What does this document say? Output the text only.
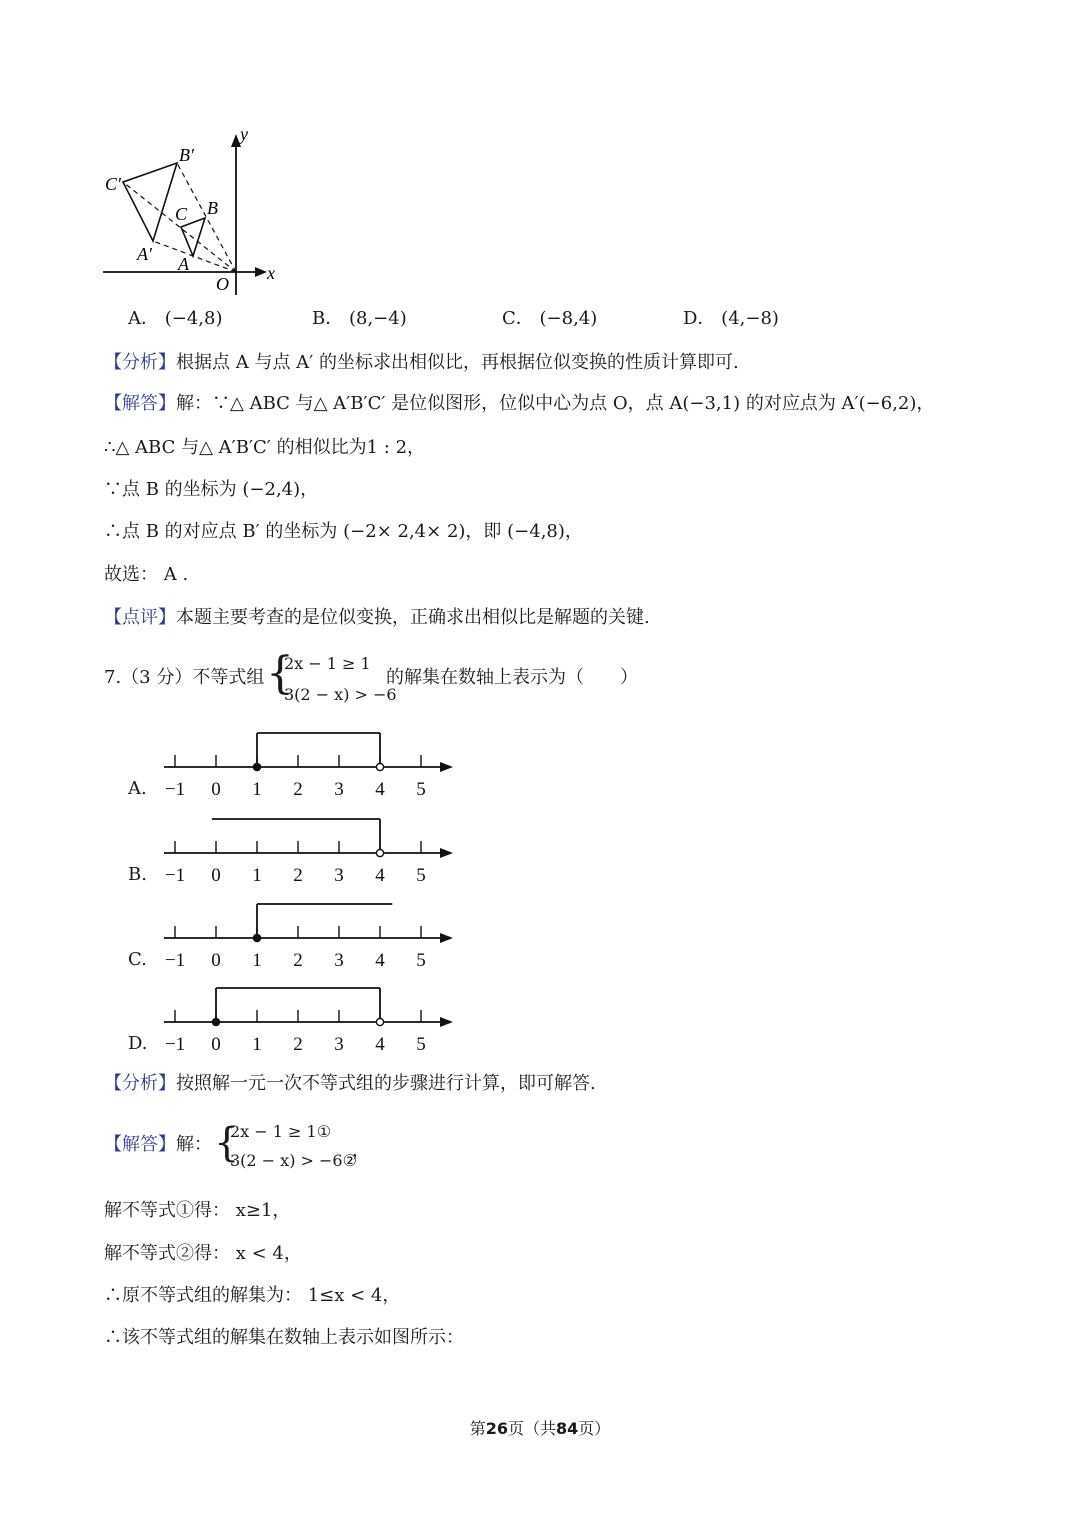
B′
C′
A′
B
C
A
O
x
y
A． (−4,8)	B． (8,−4)	C． (−8,4)	D． (4,−8)
【分析】根据点 A 与点 A′ 的坐标求出相似比，再根据位似变换的性质计算即可.
【解答】解：∵△ ABC 与△ A′B′C′ 是位似图形，位似中心为点 O，点 A(−3,1) 的对应点为 A′(−6,2)，
∴△ ABC 与△ A′B′C′ 的相似比为1 : 2，
∵点 B 的坐标为 (−2,4)，
∴点 B 的对应点 B′ 的坐标为 (−2× 2,4× 2)，即 (−4,8)，
故选： A .
【点评】本题主要考查的是位似变换，正确求出相似比是解题的关键.
7.（3 分）不等式组 {
2x − 1 ≥ 1
3(2 − x) > −6
的解集在数轴上表示为（　　）
A. −1 0 1 2 3 4 5
B. −1 0 1 2 3 4 5
C. −1 0 1 2 3 4 5
D. −1 0 1 2 3 4 5
【分析】按照解一元一次不等式组的步骤进行计算，即可解答.
【解答】解： {
2x − 1 ≥ 1①
3(2 − x) > −6②
，
解不等式①得： x≥1，
解不等式②得： x < 4，
∴原不等式组的解集为： 1≤x < 4，
∴该不等式组的解集在数轴上表示如图所示：
第26页（共84页）
